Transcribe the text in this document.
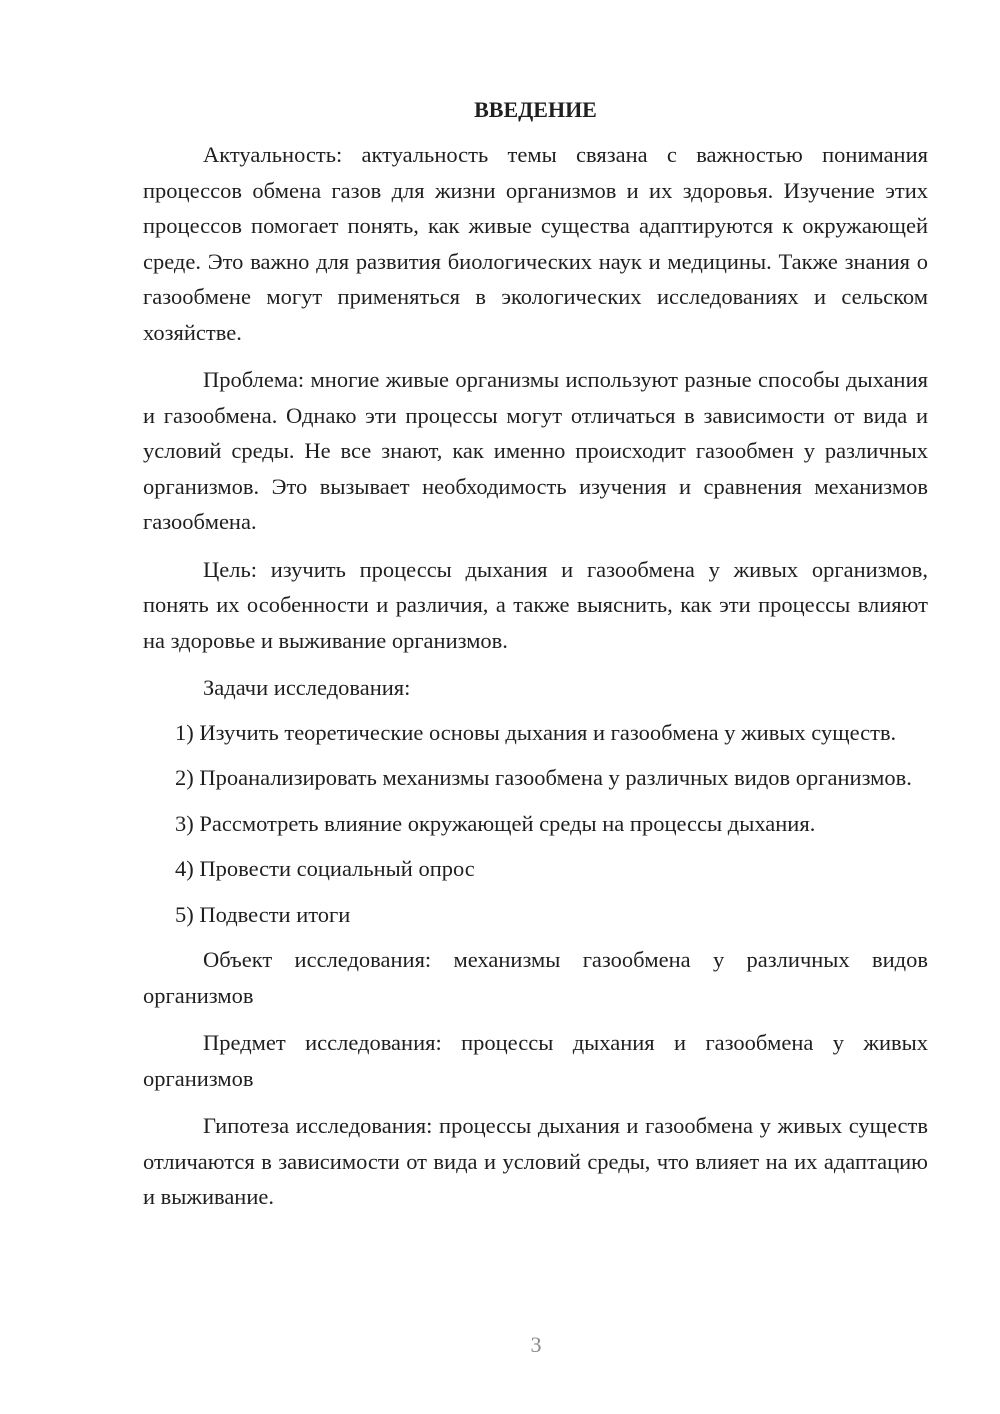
ВВЕДЕНИЕ

Актуальность: актуальность темы связана с важностью понимания процессов обмена газов для жизни организмов и их здоровья. Изучение этих процессов помогает понять, как живые существа адаптируются к окружающей среде. Это важно для развития биологических наук и медицины. Также знания о газообмене могут применяться в экологических исследованиях и сельском хозяйстве.

Проблема: многие живые организмы используют разные способы дыхания и газообмена. Однако эти процессы могут отличаться в зависимости от вида и условий среды. Не все знают, как именно происходит газообмен у различных организмов. Это вызывает необходимость изучения и сравнения механизмов газообмена.

Цель: изучить процессы дыхания и газообмена у живых организмов, понять их особенности и различия, а также выяснить, как эти процессы влияют на здоровье и выживание организмов.

Задачи исследования:

1) Изучить теоретические основы дыхания и газообмена у живых существ.

2) Проанализировать механизмы газообмена у различных видов организмов.

3) Рассмотреть влияние окружающей среды на процессы дыхания.

4) Провести социальный опрос

5) Подвести итоги

Объект исследования: механизмы газообмена у различных видов организмов

Предмет исследования: процессы дыхания и газообмена у живых организмов

Гипотеза исследования: процессы дыхания и газообмена у живых существ отличаются в зависимости от вида и условий среды, что влияет на их адаптацию и выживание.

3
